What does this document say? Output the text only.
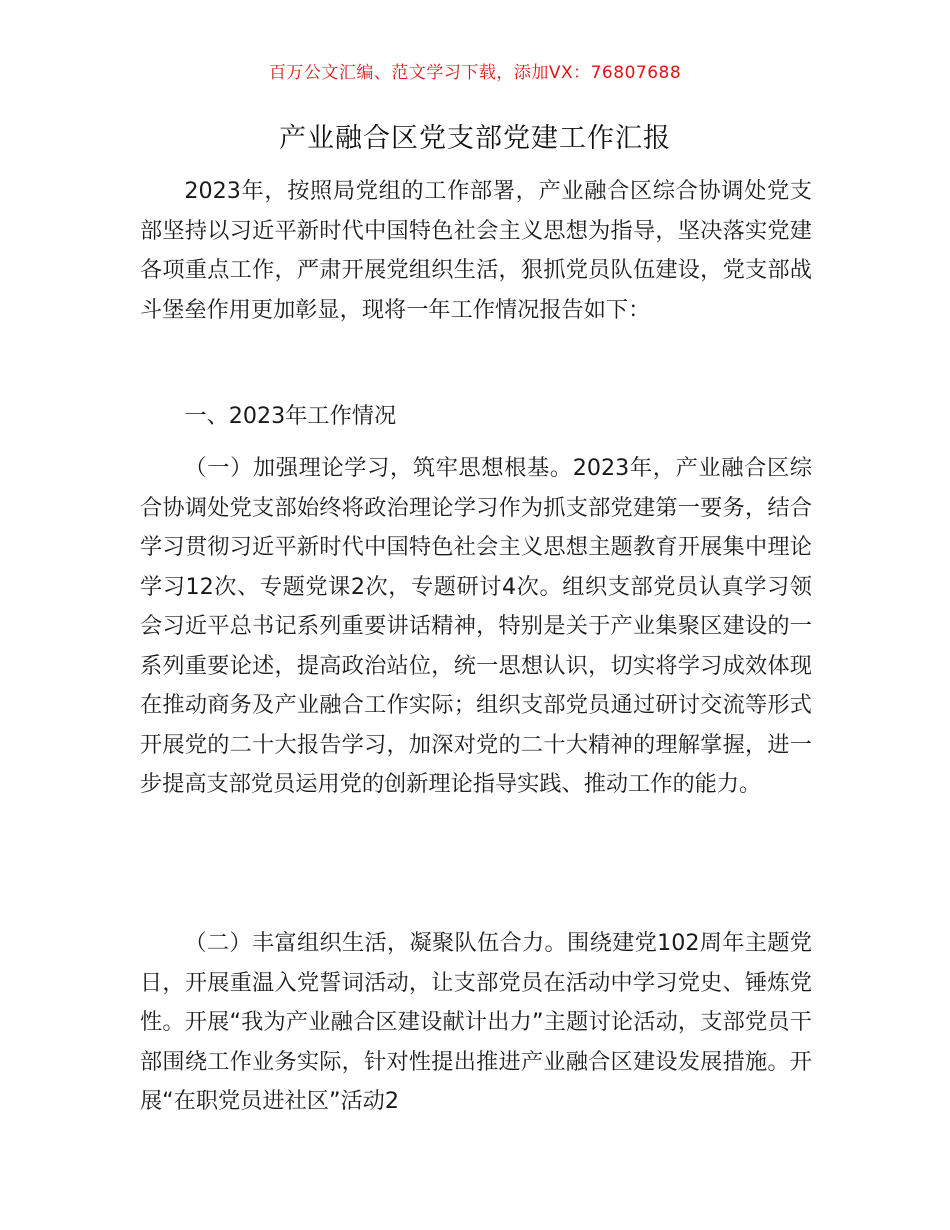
百万公文汇编、范文学习下载，添加VX：76807688
产业融合区党支部党建工作汇报

2023年，按照局党组的工作部署，产业融合区综合协调处党支部坚持以习近平新时代中国特色社会主义思想为指导，坚决落实党建各项重点工作，严肃开展党组织生活，狠抓党员队伍建设，党支部战斗堡垒作用更加彰显，现将一年工作情况报告如下：

一、2023年工作情况

（一）加强理论学习，筑牢思想根基。2023年，产业融合区综合协调处党支部始终将政治理论学习作为抓支部党建第一要务，结合学习贯彻习近平新时代中国特色社会主义思想主题教育开展集中理论学习12次、专题党课2次，专题研讨4次。组织支部党员认真学习领会习近平总书记系列重要讲话精神，特别是关于产业集聚区建设的一系列重要论述，提高政治站位，统一思想认识，切实将学习成效体现在推动商务及产业融合工作实际；组织支部党员通过研讨交流等形式开展党的二十大报告学习，加深对党的二十大精神的理解掌握，进一步提高支部党员运用党的创新理论指导实践、推动工作的能力。

（二）丰富组织生活，凝聚队伍合力。围绕建党102周年主题党日，开展重温入党誓词活动，让支部党员在活动中学习党史、锤炼党性。开展“我为产业融合区建设献计出力”主题讨论活动，支部党员干部围绕工作业务实际，针对性提出推进产业融合区建设发展措施。开展“在职党员进社区”活动2
